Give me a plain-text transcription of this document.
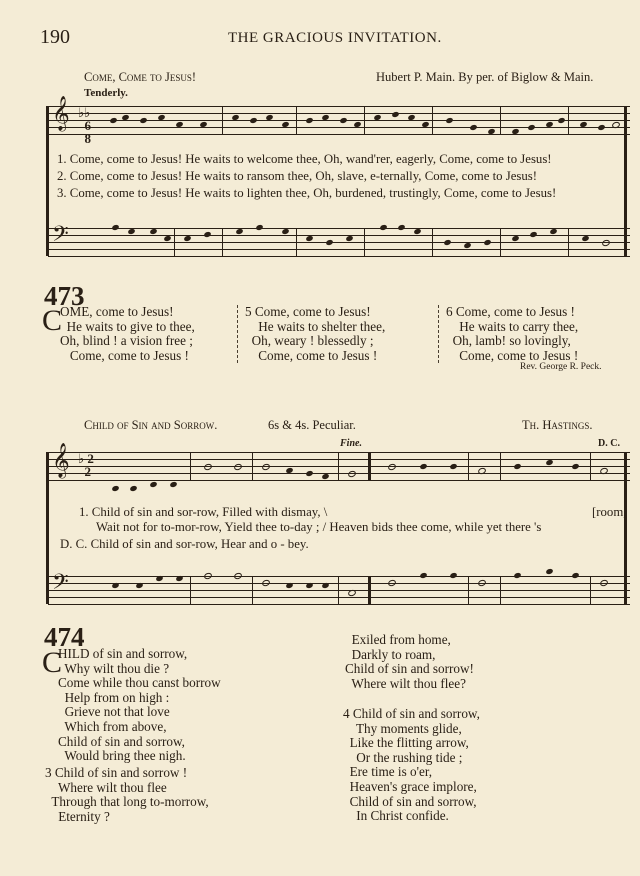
190	THE GRACIOUS INVITATION.
Come, Come to Jesus!	Hubert P. Main. By per. of Biglow & Main.
Tenderly.
𝄞
𝄢
♭♭
6
8
1. Come, come to Jesus! He waits to welcome thee, Oh, wand'rer, eagerly, Come, come to Jesus!
2. Come, come to Jesus! He waits to ransom thee, Oh, slave, e-ternally, Come, come to Jesus!
3. Come, come to Jesus! He waits to lighten thee, Oh, burdened, trustingly, Come, come to Jesus!
473
C
OME, come to Jesus!
He waits to give to thee,
Oh, blind ! a vision free ;
Come, come to Jesus !
5 Come, come to Jesus!
He waits to shelter thee,
Oh, weary ! blessedly ;
Come, come to Jesus !
6 Come, come to Jesus !
He waits to carry thee,
Oh, lamb! so lovingly,
Come, come to Jesus !
Rev. George R. Peck.
Child of Sin and Sorrow.	6s & 4s. Peculiar.	Th. Hastings.
Fine.	D. C.
𝄞
𝄢
♭ 2
2
1. Child of sin and sor-row, Filled with dismay, \	[room,
Wait not for to-mor-row, Yield thee to-day ; / Heaven bids thee come, while yet there 's
D. C. Child of sin and sor-row, Hear and o - bey.
474
C
HILD of sin and sorrow,
Why wilt thou die ?
Come while thou canst borrow
Help from on high :
Grieve not that love
Which from above,
Child of sin and sorrow,
Would bring thee nigh.
3 Child of sin and sorrow !
Where wilt thou flee
Through that long to-morrow,
Eternity ?
Exiled from home,
Darkly to roam,
Child of sin and sorrow!
Where wilt thou flee?
4 Child of sin and sorrow,
Thy moments glide,
Like the flitting arrow,
Or the rushing tide ;
Ere time is o'er,
Heaven's grace implore,
Child of sin and sorrow,
In Christ confide.
